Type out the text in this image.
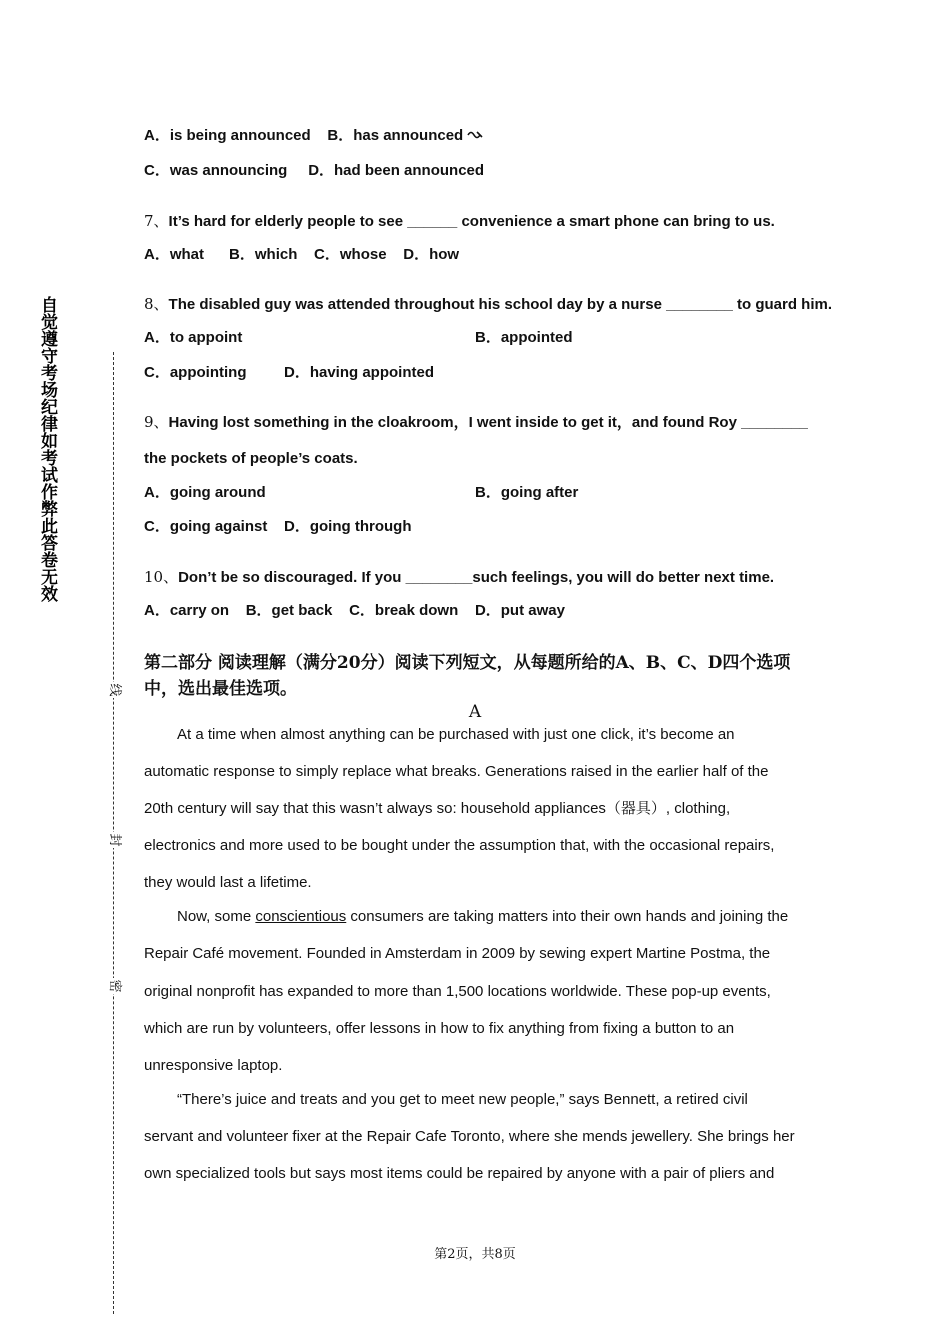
自觉遵守考场纪律如考试作弊此答卷无效
线
封
密
A．is being announced B．has announced
C．was announcing D．had been announced
7、It’s hard for elderly people to see ______ convenience a smart phone can bring to us.
A．what B．which C．whose D．how
8、The disabled guy was attended throughout his school day by a nurse ________ to guard him.
A．to appoint	B．appointed
C．appointing	D．having appointed
9、Having lost something in the cloakroom，I went inside to get it，and found Roy ________
the pockets of people’s coats.
A．going around	B．going after
C．going against D．going through
10、Don’t be so discouraged. If you ________such feelings, you will do better next time.
A．carry on B．get back C．break down D．put away
第二部分 阅读理解（满分20分）阅读下列短文，从每题所给的A、B、C、D四个选项中，选出最佳选项。
A
At a time when almost anything can be purchased with just one click, it’s become an
automatic response to simply replace what breaks. Generations raised in the earlier half of the
20th century will say that this wasn’t always so: household appliances（器具）, clothing,
electronics and more used to be bought under the assumption that, with the occasional repairs,
they would last a lifetime.
Now, some conscientious consumers are taking matters into their own hands and joining the
Repair Café movement. Founded in Amsterdam in 2009 by sewing expert Martine Postma, the
original nonprofit has expanded to more than 1,500 locations worldwide. These pop-up events,
which are run by volunteers, offer lessons in how to fix anything from fixing a button to an
unresponsive laptop.
“There’s juice and treats and you get to meet new people,” says Bennett, a retired civil
servant and volunteer fixer at the Repair Cafe Toronto, where she mends jewellery. She brings her
own specialized tools but says most items could be repaired by anyone with a pair of pliers and
第2页，共8页
